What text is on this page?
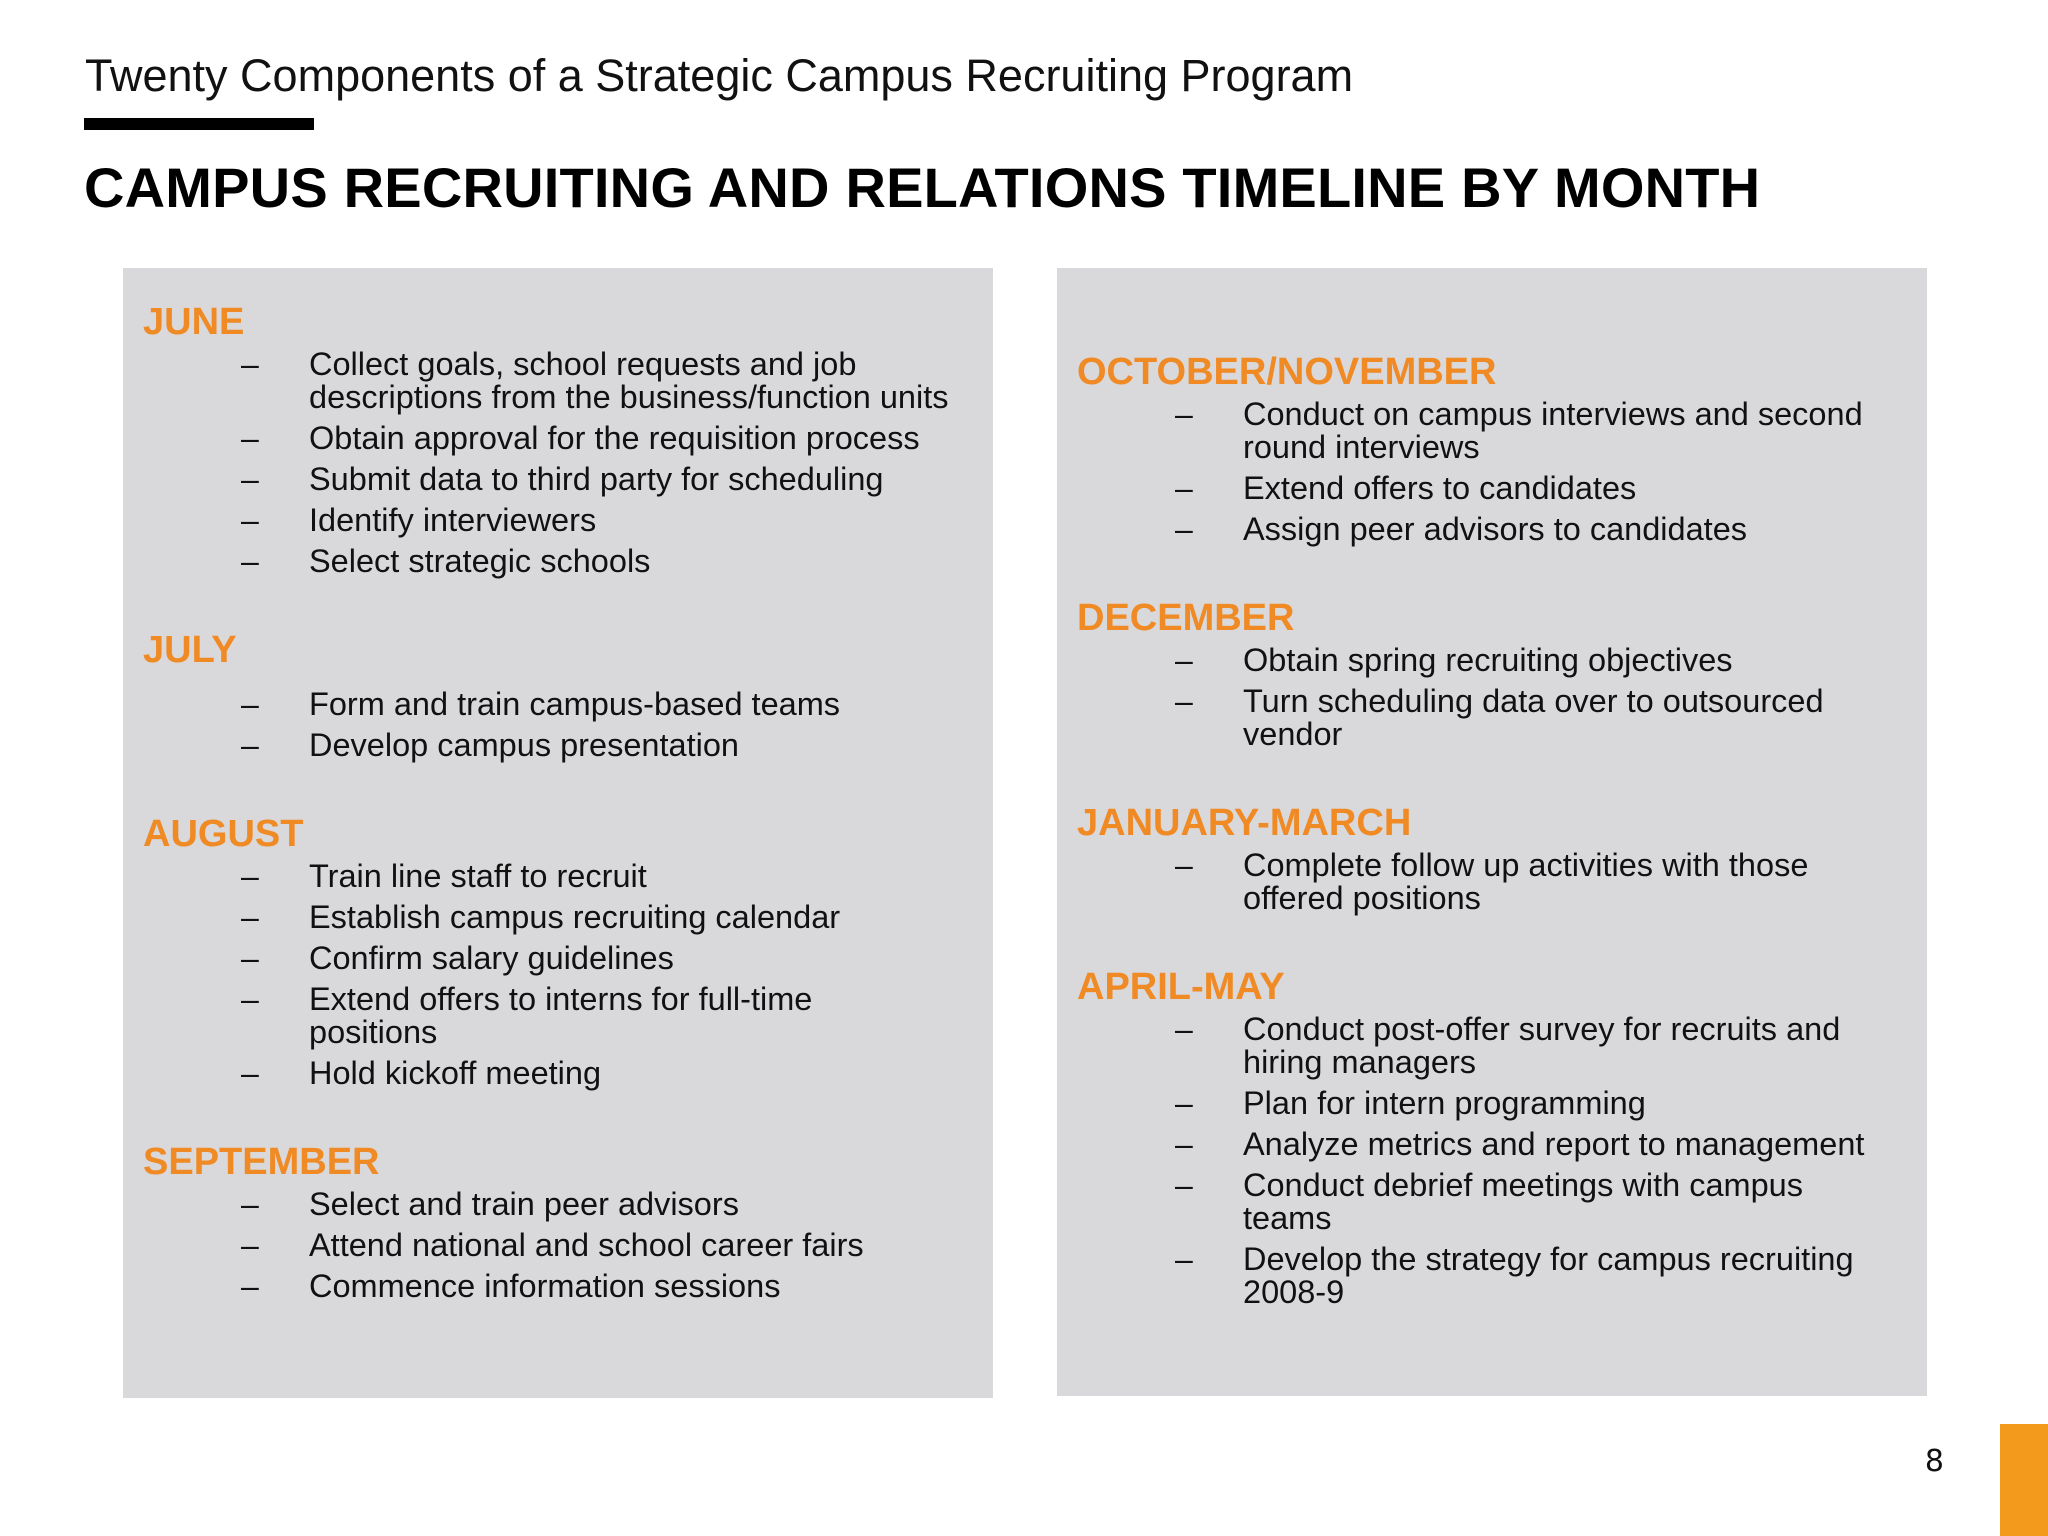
Twenty Components of a Strategic Campus Recruiting Program
CAMPUS RECRUITING AND RELATIONS TIMELINE BY MONTH
JUNE
– Collect goals, school requests and job descriptions from the business/function units
– Obtain approval for the requisition process
– Submit data to third party for scheduling
– Identify interviewers
– Select strategic schools
JULY
– Form and train campus-based teams
– Develop campus presentation
AUGUST
– Train line staff to recruit
– Establish campus recruiting calendar
– Confirm salary guidelines
– Extend offers to interns for full-time positions
– Hold kickoff meeting
SEPTEMBER
– Select and train peer advisors
– Attend national and school career fairs
– Commence information sessions
OCTOBER/NOVEMBER
– Conduct on campus interviews and second round interviews
– Extend offers to candidates
– Assign peer advisors to candidates
DECEMBER
– Obtain spring recruiting objectives
– Turn scheduling data over to outsourced vendor
JANUARY-MARCH
– Complete follow up activities with those offered positions
APRIL-MAY
– Conduct post-offer survey for recruits and hiring managers
– Plan for intern programming
– Analyze metrics and report to management
– Conduct debrief meetings with campus teams
– Develop the strategy for campus recruiting 2008-9
8
